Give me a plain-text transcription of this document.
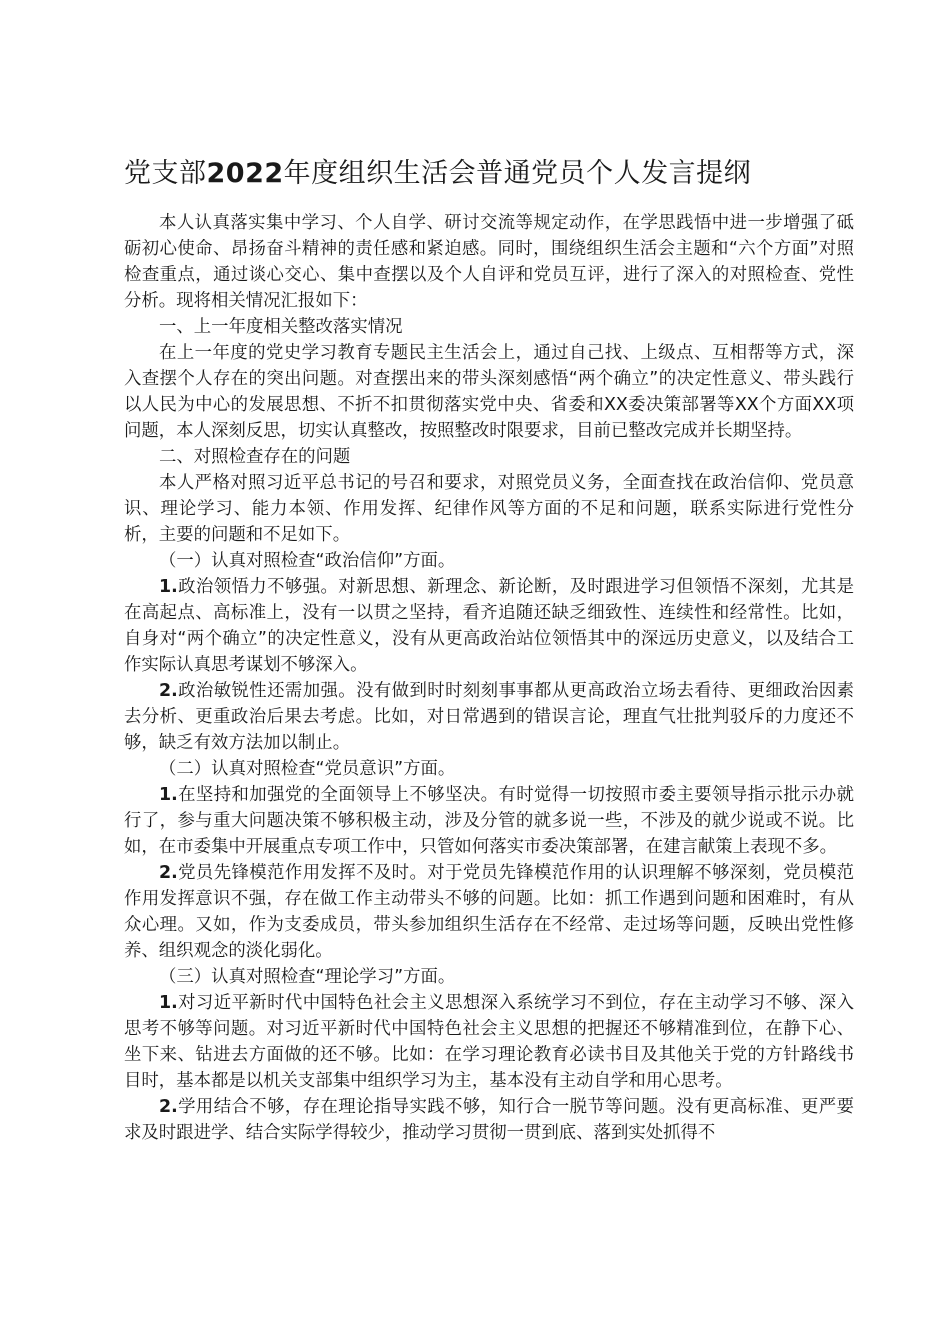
党支部2022年度组织生活会普通党员个人发言提纲

本人认真落实集中学习、个人自学、研讨交流等规定动作，在学思践悟中进一步增强了砥砺初心使命、昂扬奋斗精神的责任感和紧迫感。同时，围绕组织生活会主题和“六个方面”对照检查重点，通过谈心交心、集中查摆以及个人自评和党员互评，进行了深入的对照检查、党性分析。现将相关情况汇报如下：

一、上一年度相关整改落实情况

在上一年度的党史学习教育专题民主生活会上，通过自己找、上级点、互相帮等方式，深入查摆个人存在的突出问题。对查摆出来的带头深刻感悟“两个确立”的决定性意义、带头践行以人民为中心的发展思想、不折不扣贯彻落实党中央、省委和XX委决策部署等XX个方面XX项问题，本人深刻反思，切实认真整改，按照整改时限要求，目前已整改完成并长期坚持。

二、对照检查存在的问题

本人严格对照习近平总书记的号召和要求，对照党员义务，全面查找在政治信仰、党员意识、理论学习、能力本领、作用发挥、纪律作风等方面的不足和问题，联系实际进行党性分析，主要的问题和不足如下。

（一）认真对照检查“政治信仰”方面。

1.政治领悟力不够强。对新思想、新理念、新论断，及时跟进学习但领悟不深刻，尤其是在高起点、高标准上，没有一以贯之坚持，看齐追随还缺乏细致性、连续性和经常性。比如，自身对“两个确立”的决定性意义，没有从更高政治站位领悟其中的深远历史意义，以及结合工作实际认真思考谋划不够深入。

2.政治敏锐性还需加强。没有做到时时刻刻事事都从更高政治立场去看待、更细政治因素去分析、更重政治后果去考虑。比如，对日常遇到的错误言论，理直气壮批判驳斥的力度还不够，缺乏有效方法加以制止。

（二）认真对照检查“党员意识”方面。

1.在坚持和加强党的全面领导上不够坚决。有时觉得一切按照市委主要领导指示批示办就行了，参与重大问题决策不够积极主动，涉及分管的就多说一些，不涉及的就少说或不说。比如，在市委集中开展重点专项工作中，只管如何落实市委决策部署，在建言献策上表现不多。

2.党员先锋模范作用发挥不及时。对于党员先锋模范作用的认识理解不够深刻，党员模范作用发挥意识不强，存在做工作主动带头不够的问题。比如：抓工作遇到问题和困难时，有从众心理。又如，作为支委成员，带头参加组织生活存在不经常、走过场等问题，反映出党性修养、组织观念的淡化弱化。

（三）认真对照检查“理论学习”方面。

1.对习近平新时代中国特色社会主义思想深入系统学习不到位，存在主动学习不够、深入思考不够等问题。对习近平新时代中国特色社会主义思想的把握还不够精准到位，在静下心、坐下来、钻进去方面做的还不够。比如：在学习理论教育必读书目及其他关于党的方针路线书目时，基本都是以机关支部集中组织学习为主，基本没有主动自学和用心思考。

2.学用结合不够，存在理论指导实践不够，知行合一脱节等问题。没有更高标准、更严要求及时跟进学、结合实际学得较少，推动学习贯彻一贯到底、落到实处抓得不
